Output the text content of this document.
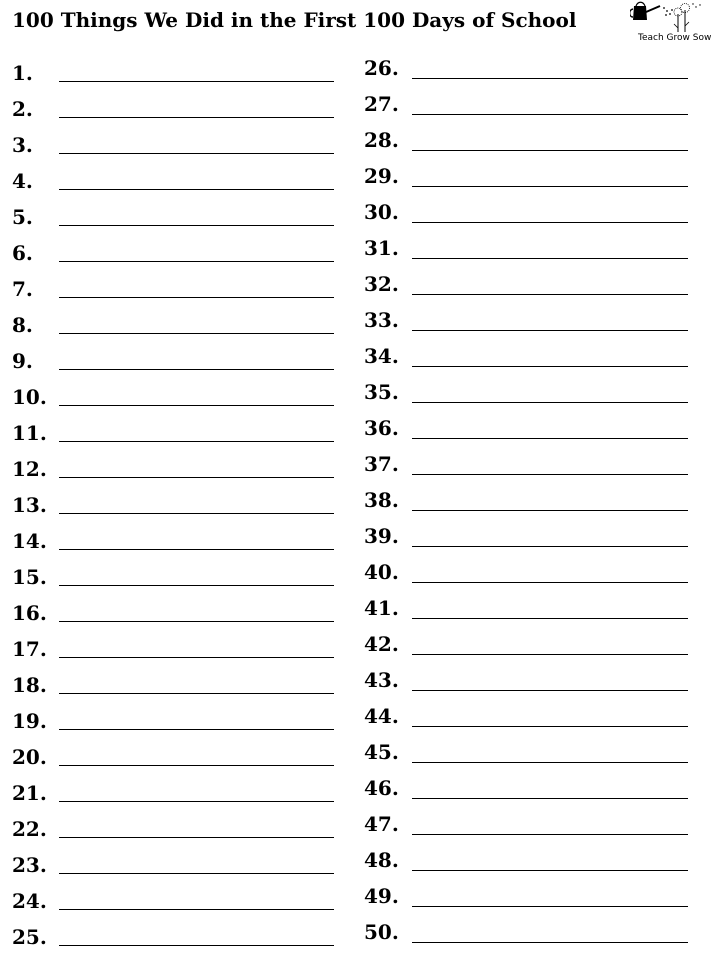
100 Things We Did in the First 100 Days of School
Teach Grow Sow
1.
2.
3.
4.
5.
6.
7.
8.
9.
10.
11.
12.
13.
14.
15.
16.
17.
18.
19.
20.
21.
22.
23.
24.
25.
26.
27.
28.
29.
30.
31.
32.
33.
34.
35.
36.
37.
38.
39.
40.
41.
42.
43.
44.
45.
46.
47.
48.
49.
50.
